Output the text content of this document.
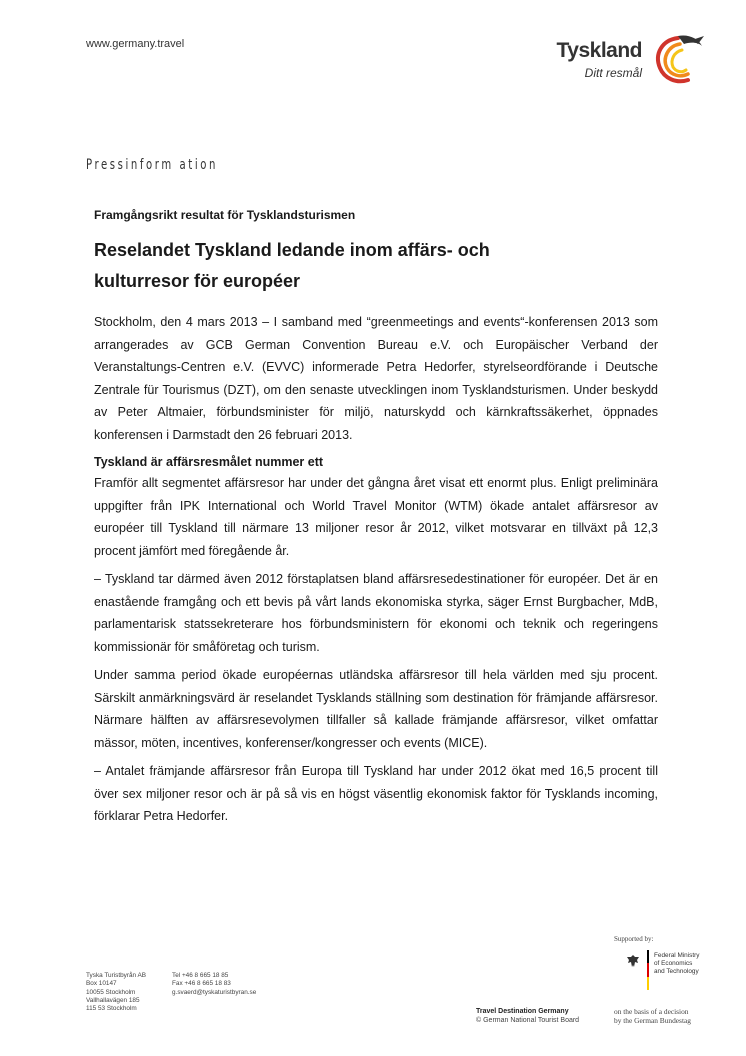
www.germany.travel	Tyskland
Ditt resmål
Pressinform ation
Framgångsrikt resultat för Tysklandsturismen
Reselandet Tyskland ledande inom affärs- och
kulturresor för européer
Stockholm, den 4 mars 2013 – I samband med “greenmeetings and events“-konferensen 2013 som arrangerades av GCB German Convention Bureau e.V. och Europäischer Verband der Veranstaltungs-Centren e.V. (EVVC) informerade Petra Hedorfer, styrelseordförande i Deutsche Zentrale für Tourismus (DZT), om den senaste utvecklingen inom Tysklandsturismen. Under beskydd av Peter Altmaier, förbundsminister för miljö, naturskydd och kärnkraftssäkerhet, öppnades konferensen i Darmstadt den 26 februari 2013.
Tyskland är affärsresmålet nummer ett
Framför allt segmentet affärsresor har under det gångna året visat ett enormt plus. Enligt preliminära uppgifter från IPK International och World Travel Monitor (WTM) ökade antalet affärsresor av européer till Tyskland till närmare 13 miljoner resor år 2012, vilket motsvarar en tillväxt på 12,3 procent jämfört med föregående år.
– Tyskland tar därmed även 2012 förstaplatsen bland affärsresedestinationer för européer. Det är en enastående framgång och ett bevis på vårt lands ekonomiska styrka, säger Ernst Burgbacher, MdB, parlamentarisk statssekreterare hos förbundsministern för ekonomi och teknik och regeringens kommissionär för småföretag och turism.
Under samma period ökade européernas utländska affärsresor till hela världen med sju procent. Särskilt anmärkningsvärd är reselandet Tysklands ställning som destination för främjande affärsresor. Närmare hälften av affärsresevolymen tillfaller så kallade främjande affärsresor, vilket omfattar mässor, möten, incentives, konferenser/kongresser och events (MICE).
– Antalet främjande affärsresor från Europa till Tyskland har under 2012 ökat med 16,5 procent till över sex miljoner resor och är på så vis en högst väsentlig ekonomisk faktor för Tysklands incoming, förklarar Petra Hedorfer.
Supported by:
Federal Ministry
of Economics
and Technology
on the basis of a decision
by the German Bundestag
Tyska Turistbyrån AB
Box 10147
10055 Stockholm
Vallhallavägen 185
115 53 Stockholm
Tel +46 8 665 18 85
Fax +46 8 665 18 83
g.svaerd@tyskaturistbyran.se
Travel Destination Germany
© German National Tourist Board
